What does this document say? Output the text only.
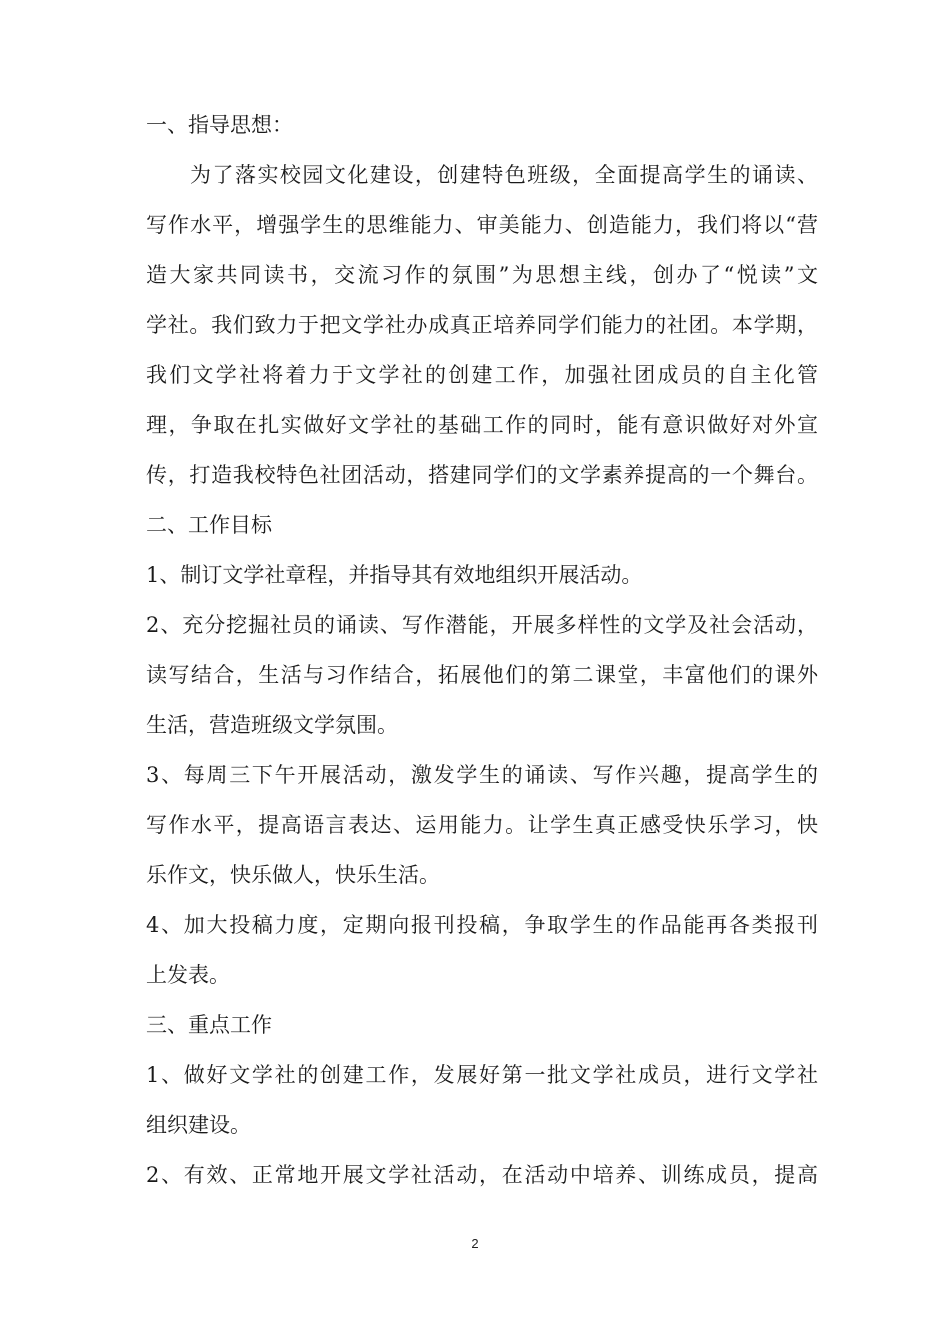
一、指导思想：
为了落实校园文化建设，创建特色班级，全面提高学生的诵读、
写作水平，增强学生的思维能力、审美能力、创造能力，我们将以“营
造大家共同读书，交流习作的氛围”为思想主线，创办了“悦读”文
学社。我们致力于把文学社办成真正培养同学们能力的社团。本学期，
我们文学社将着力于文学社的创建工作，加强社团成员的自主化管
理，争取在扎实做好文学社的基础工作的同时，能有意识做好对外宣
传，打造我校特色社团活动，搭建同学们的文学素养提高的一个舞台。
二、工作目标
1、制订文学社章程，并指导其有效地组织开展活动。
2、充分挖掘社员的诵读、写作潜能，开展多样性的文学及社会活动，
读写结合，生活与习作结合，拓展他们的第二课堂，丰富他们的课外
生活，营造班级文学氛围。
3、每周三下午开展活动，激发学生的诵读、写作兴趣，提高学生的
写作水平，提高语言表达、运用能力。让学生真正感受快乐学习，快
乐作文，快乐做人，快乐生活。
4、加大投稿力度，定期向报刊投稿，争取学生的作品能再各类报刊
上发表。
三、重点工作
1、做好文学社的创建工作，发展好第一批文学社成员，进行文学社
组织建设。
2、有效、正常地开展文学社活动，在活动中培养、训练成员，提高
2
